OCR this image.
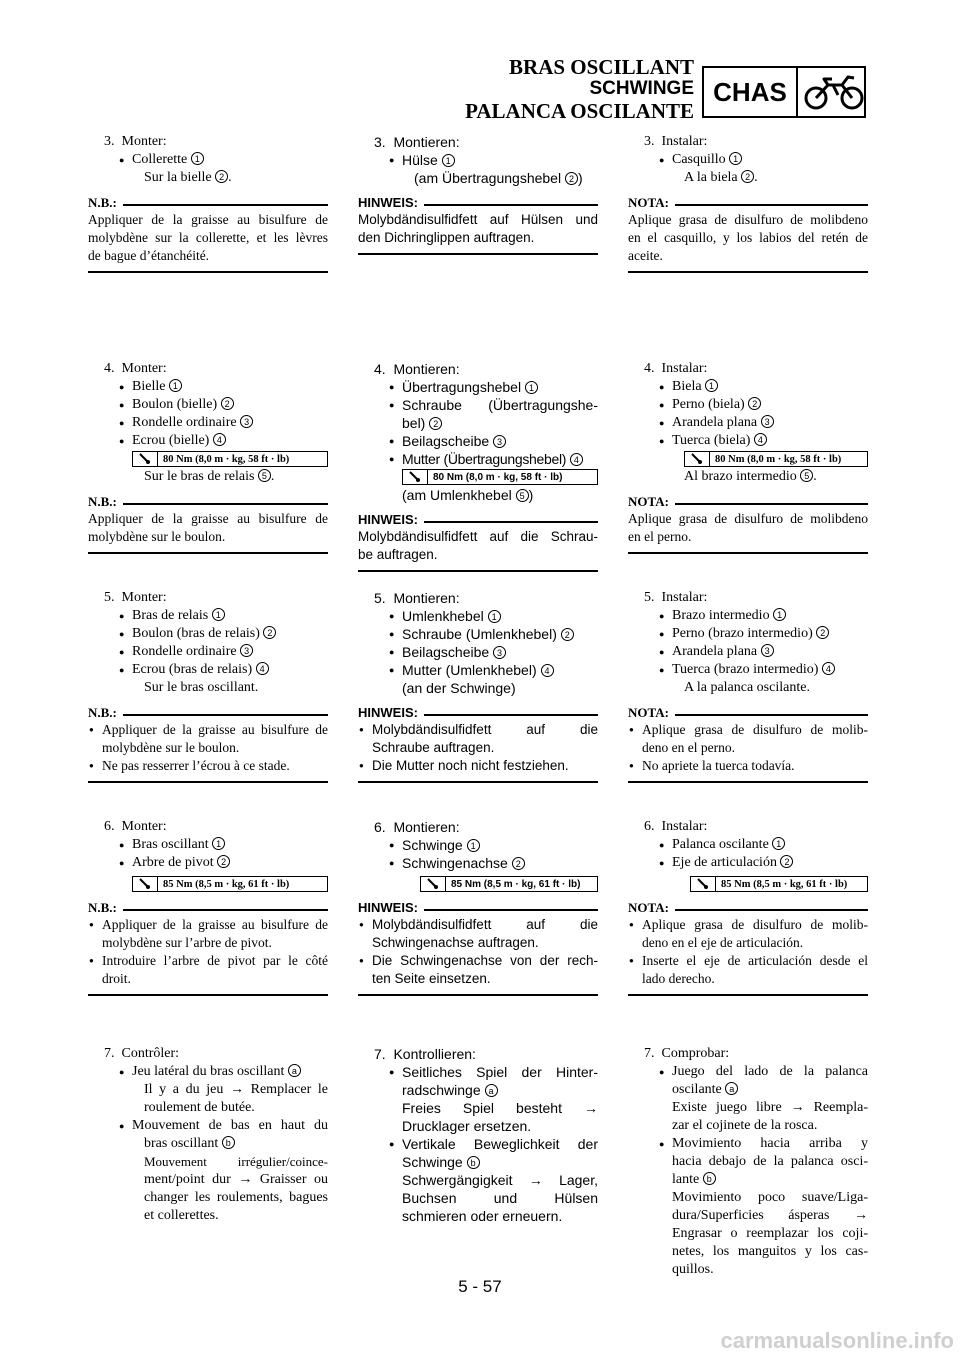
BRAS OSCILLANT
SCHWINGE
PALANCA OSCILANTE
CHAS
3.  Monter:
● Collerette 1
Sur la bielle 2 .
N.B.:
Appliquer de la graisse au bisulfure de
molybdène sur la collerette, et les lèvres
de bague d’étanchéité.
4.  Monter:
● Bielle 1
● Boulon (bielle) 2
● Rondelle ordinaire 3
● Ecrou (bielle) 4
80 Nm (8,0 m · kg, 58 ft · lb)
Sur le bras de relais 5 .
N.B.:
Appliquer de la graisse au bisulfure de
molybdène sur le boulon.
5.  Monter:
● Bras de relais 1
● Boulon (bras de relais) 2
● Rondelle ordinaire 3
● Ecrou (bras de relais) 4
Sur le bras oscillant.
N.B.:
● Appliquer de la graisse au bisulfure de
molybdène sur le boulon.
● Ne pas resserrer l’écrou à ce stade.
6.  Monter:
● Bras oscillant 1
● Arbre de pivot 2
85 Nm (8,5 m · kg, 61 ft · lb)
N.B.:
● Appliquer de la graisse au bisulfure de
molybdène sur l’arbre de pivot.
● Introduire l’arbre de pivot par le côté
droit.
7.  Contrôler:
● Jeu latéral du bras oscillant a
Il y a du jeu → Remplacer le
roulement de butée.
● Mouvement de bas en haut du
bras oscillant b
Mouvement irrégulier/coince-
ment/point dur → Graisser ou
changer les roulements, bagues
et collerettes.
3.  Montieren:
● Hülse 1
(am Übertragungshebel 2 )
HINWEIS:
Molybdändisulfidfett auf Hülsen und
den Dichringlippen auftragen.
4.  Montieren:
● Übertragungshebel 1
● Schraube (Übertragungshe-
bel) 2
● Beilagscheibe 3
● Mutter (Übertragungshebel) 4
80 Nm (8,0 m · kg, 58 ft · lb)
(am Umlenkhebel 5 )
HINWEIS:
Molybdändisulfidfett auf die Schrau-
be auftragen.
5.  Montieren:
● Umlenkhebel 1
● Schraube (Umlenkhebel) 2
● Beilagscheibe 3
● Mutter (Umlenkhebel) 4
(an der Schwinge)
HINWEIS:
● Molybdändisulfidfett auf die
Schraube auftragen.
● Die Mutter noch nicht festziehen.
6.  Montieren:
● Schwinge 1
● Schwingenachse 2
85 Nm (8,5 m · kg, 61 ft · lb)
HINWEIS:
● Molybdändisulfidfett auf die
Schwingenachse auftragen.
● Die Schwingenachse von der rech-
ten Seite einsetzen.
7.  Kontrollieren:
● Seitliches Spiel der Hinter-
radschwinge a
Freies Spiel besteht →
Drucklager ersetzen.
● Vertikale Beweglichkeit der
Schwinge b
Schwergängigkeit → Lager,
Buchsen und Hülsen
schmieren oder erneuern.
3.  Instalar:
● Casquillo 1
A la biela 2 .
NOTA:
Aplique grasa de disulfuro de molibdeno
en el casquillo, y los labios del retén de
aceite.
4.  Instalar:
● Biela 1
● Perno (biela) 2
● Arandela plana 3
● Tuerca (biela) 4
80 Nm (8,0 m · kg, 58 ft · lb)
Al brazo intermedio 5 .
NOTA:
Aplique grasa de disulfuro de molibdeno
en el perno.
5.  Instalar:
● Brazo intermedio 1
● Perno (brazo intermedio) 2
● Arandela plana 3
● Tuerca (brazo intermedio) 4
A la palanca oscilante.
NOTA:
● Aplique grasa de disulfuro de molib-
deno en el perno.
● No apriete la tuerca todavía.
6.  Instalar:
● Palanca oscilante 1
● Eje de articulación 2
85 Nm (8,5 m · kg, 61 ft · lb)
NOTA:
● Aplique grasa de disulfuro de molib-
deno en el eje de articulación.
● Inserte el eje de articulación desde el
lado derecho.
7.  Comprobar:
● Juego del lado de la palanca
oscilante a
Existe juego libre → Reempla-
zar el cojinete de la rosca.
● Movimiento hacia arriba y
hacia debajo de la palanca osci-
lante b
Movimiento poco suave/Liga-
dura/Superficies ásperas →
Engrasar o reemplazar los coji-
netes, los manguitos y los cas-
quillos.
5 - 57
carmanualsonline.info
